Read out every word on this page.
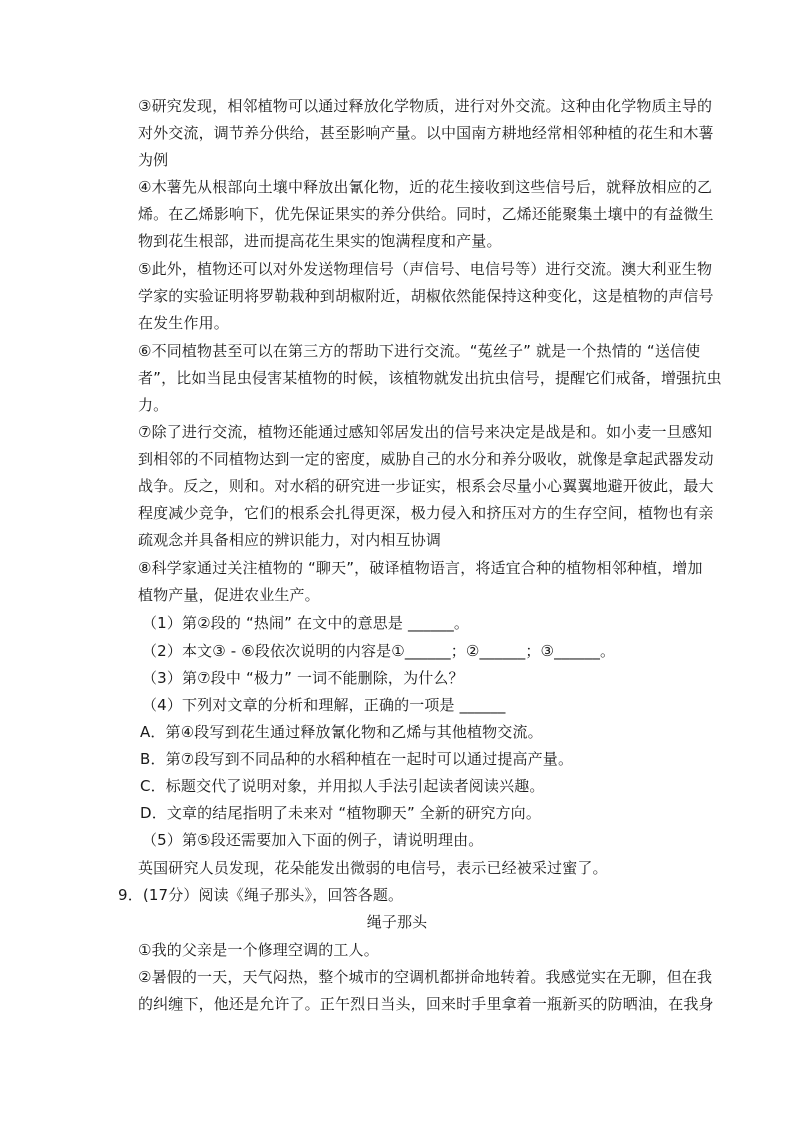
③研究发现，相邻植物可以通过释放化学物质，进行对外交流。这种由化学物质主导的
对外交流，调节养分供给，甚至影响产量。以中国南方耕地经常相邻种植的花生和木薯
为例
④木薯先从根部向土壤中释放出氰化物，近的花生接收到这些信号后，就释放相应的乙
烯。在乙烯影响下，优先保证果实的养分供给。同时，乙烯还能聚集土壤中的有益微生
物到花生根部，进而提高花生果实的饱满程度和产量。
⑤此外，植物还可以对外发送物理信号（声信号、电信号等）进行交流。澳大利亚生物
学家的实验证明将罗勒栽种到胡椒附近，胡椒依然能保持这种变化，这是植物的声信号
在发生作用。
⑥不同植物甚至可以在第三方的帮助下进行交流。“菟丝子” 就是一个热情的 “送信使
者”，比如当昆虫侵害某植物的时候，该植物就发出抗虫信号，提醒它们戒备，增强抗虫
力。
⑦除了进行交流，植物还能通过感知邻居发出的信号来决定是战是和。如小麦一旦感知
到相邻的不同植物达到一定的密度，威胁自己的水分和养分吸收，就像是拿起武器发动
战争。反之，则和。对水稻的研究进一步证实，根系会尽量小心翼翼地避开彼此，最大
程度减少竞争，它们的根系会扎得更深，极力侵入和挤压对方的生存空间，植物也有亲
疏观念并具备相应的辨识能力，对内相互协调
⑧科学家通过关注植物的 “聊天”，破译植物语言，将适宜合种的植物相邻种植，增加
植物产量，促进农业生产。
（1）第②段的 “热闹” 在文中的意思是 ______。
（2）本文③ - ⑥段依次说明的内容是①______；②______；③______。
（3）第⑦段中 “极力” 一词不能删除，为什么？
（4）下列对文章的分析和理解，正确的一项是 ______
A．第④段写到花生通过释放氰化物和乙烯与其他植物交流。
B．第⑦段写到不同品种的水稻种植在一起时可以通过提高产量。
C．标题交代了说明对象，并用拟人手法引起读者阅读兴趣。
D．文章的结尾指明了未来对 “植物聊天” 全新的研究方向。
（5）第⑤段还需要加入下面的例子，请说明理由。
英国研究人员发现，花朵能发出微弱的电信号，表示已经被采过蜜了。
9．(17分）阅读《绳子那头》，回答各题。
绳子那头
①我的父亲是一个修理空调的工人。
②暑假的一天，天气闷热，整个城市的空调机都拼命地转着。我感觉实在无聊，但在我
的纠缠下，他还是允许了。正午烈日当头，回来时手里拿着一瓶新买的防晒油，在我身
